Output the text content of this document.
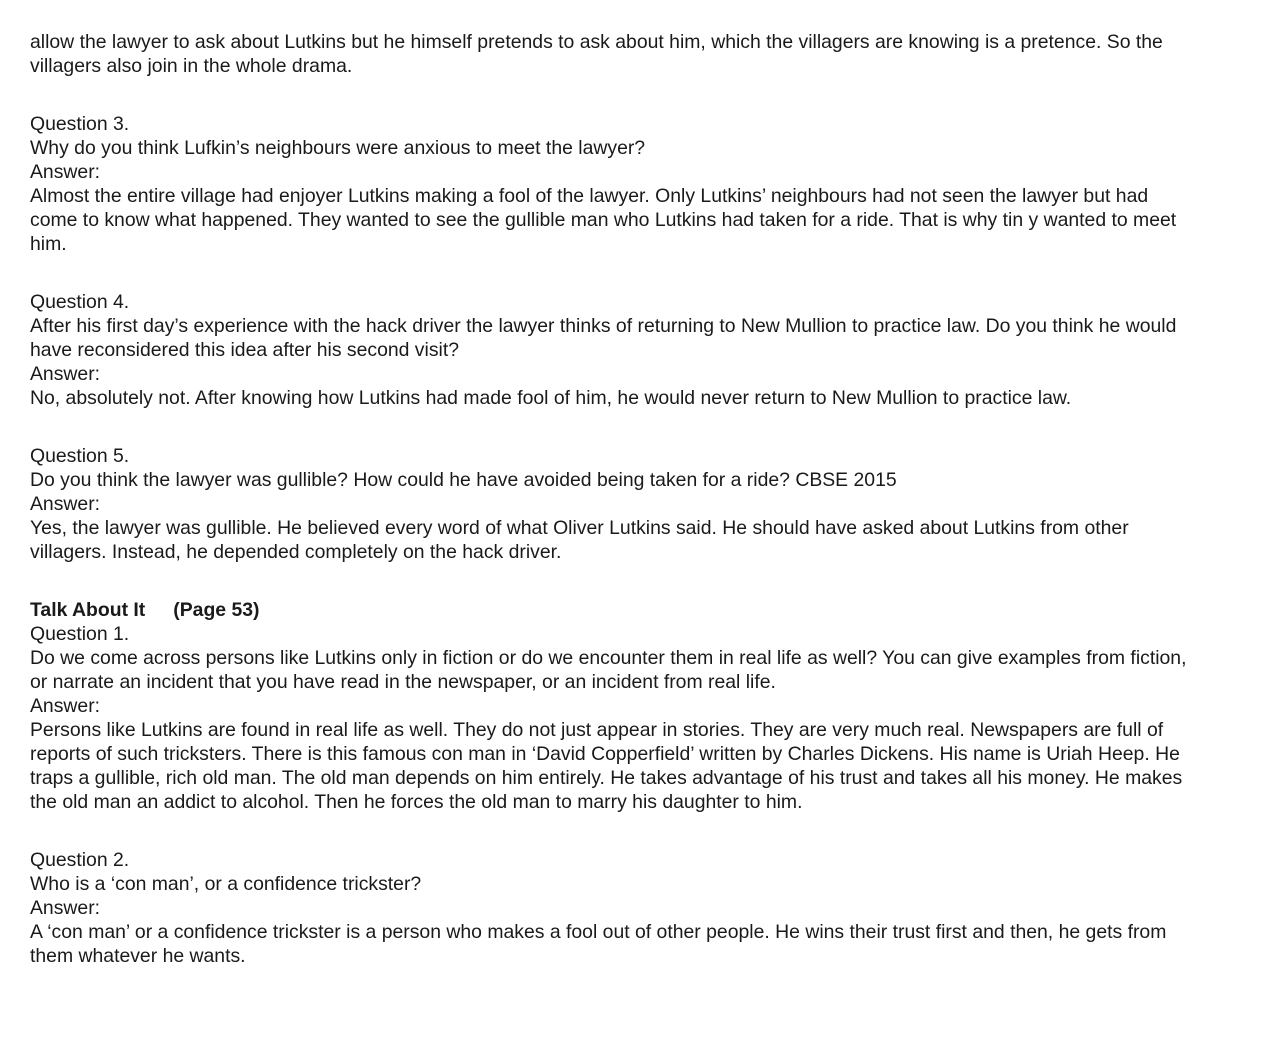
allow the lawyer to ask about Lutkins but he himself pretends to ask about him, which the villagers are knowing is a pretence. So the
villagers also join in the whole drama.
Question 3.
Why do you think Lufkin’s neighbours were anxious to meet the lawyer?
Answer:
Almost the entire village had enjoyer Lutkins making a fool of the lawyer. Only Lutkins’ neighbours had not seen the lawyer but had
come to know what happened. They wanted to see the gullible man who Lutkins had taken for a ride. That is why tin y wanted to meet
him.
Question 4.
After his first day’s experience with the hack driver the lawyer thinks of returning to New Mullion to practice law. Do you think he would
have reconsidered this idea after his second visit?
Answer:
No, absolutely not. After knowing how Lutkins had made fool of him, he would never return to New Mullion to practice law.
Question 5.
Do you think the lawyer was gullible? How could he have avoided being taken for a ride? CBSE 2015
Answer:
Yes, the lawyer was gullible. He believed every word of what Oliver Lutkins said. He should have asked about Lutkins from other
villagers. Instead, he depended completely on the hack driver.
Talk About It (Page 53)
Question 1.
Do we come across persons like Lutkins only in fiction or do we encounter them in real life as well? You can give examples from fiction,
or narrate an incident that you have read in the newspaper, or an incident from real life.
Answer:
Persons like Lutkins are found in real life as well. They do not just appear in stories. They are very much real. Newspapers are full of
reports of such tricksters. There is this famous con man in ‘David Copperfield’ written by Charles Dickens. His name is Uriah Heep. He
traps a gullible, rich old man. The old man depends on him entirely. He takes advantage of his trust and takes all his money. He makes
the old man an addict to alcohol. Then he forces the old man to marry his daughter to him.
Question 2.
Who is a ‘con man’, or a confidence trickster?
Answer:
A ‘con man’ or a confidence trickster is a person who makes a fool out of other people. He wins their trust first and then, he gets from
them whatever he wants.
